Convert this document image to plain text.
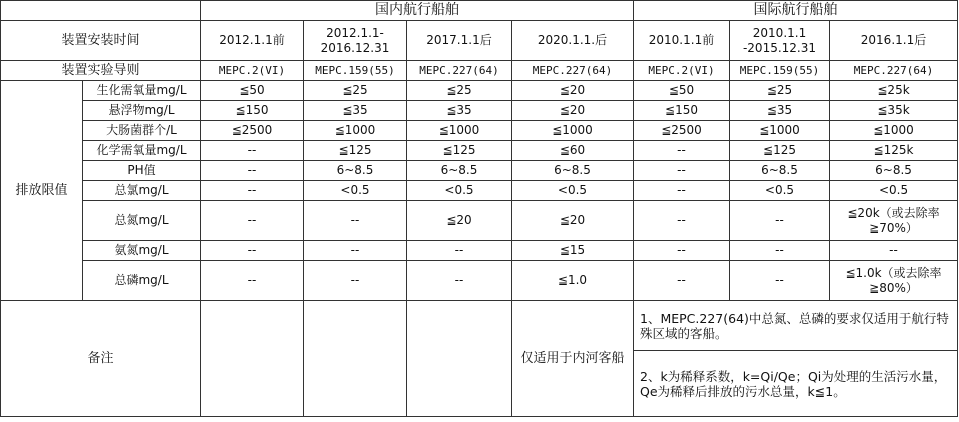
		国内航行船舶				国际航行船舶		
装置安装时间		2012.1.1前	2012.1.1-2016.12.31	2017.1.1后	2020.1.1.后	2010.1.1前	2010.1.1 -2015.12.31	2016.1.1后
装置实验导则		MEPC.2(VI)	MEPC.159(55)	MEPC.227(64)	MEPC.227(64)	MEPC.2(VI)	MEPC.159(55)	MEPC.227(64)
排放限值	生化需氧量mg/L	≦50	≦25	≦25	≦20	≦50	≦25	≦25k
	悬浮物mg/L	≦150	≦35	≦35	≦20	≦150	≦35	≦35k
	大肠菌群个/L	≦2500	≦1000	≦1000	≦1000	≦2500	≦1000	≦1000
	化学需氧量mg/L	--	≦125	≦125	≦60	--	≦125	≦125k
	PH值	--	6~8.5	6~8.5	6~8.5	--	6~8.5	6~8.5
	总氯mg/L	--	<0.5	<0.5	<0.5	--	<0.5	<0.5
	总氮mg/L	--	--	≦20	≦20	--	--	≦20k（或去除率≧70%）
	氨氮mg/L	--	--	--	≦15	--	--	--
	总磷mg/L	--	--	--	≦1.0	--	--	≦1.0k（或去除率≧80%）
备注					仅适用于内河客船	1、MEPC.227(64)中总氮、总磷的要求仅适用于航行特殊区域的客船。		
						2、k为稀释系数，k=Qi/Qe；Qi为处理的生活污水量，Qe为稀释后排放的污水总量，k≦1。		
